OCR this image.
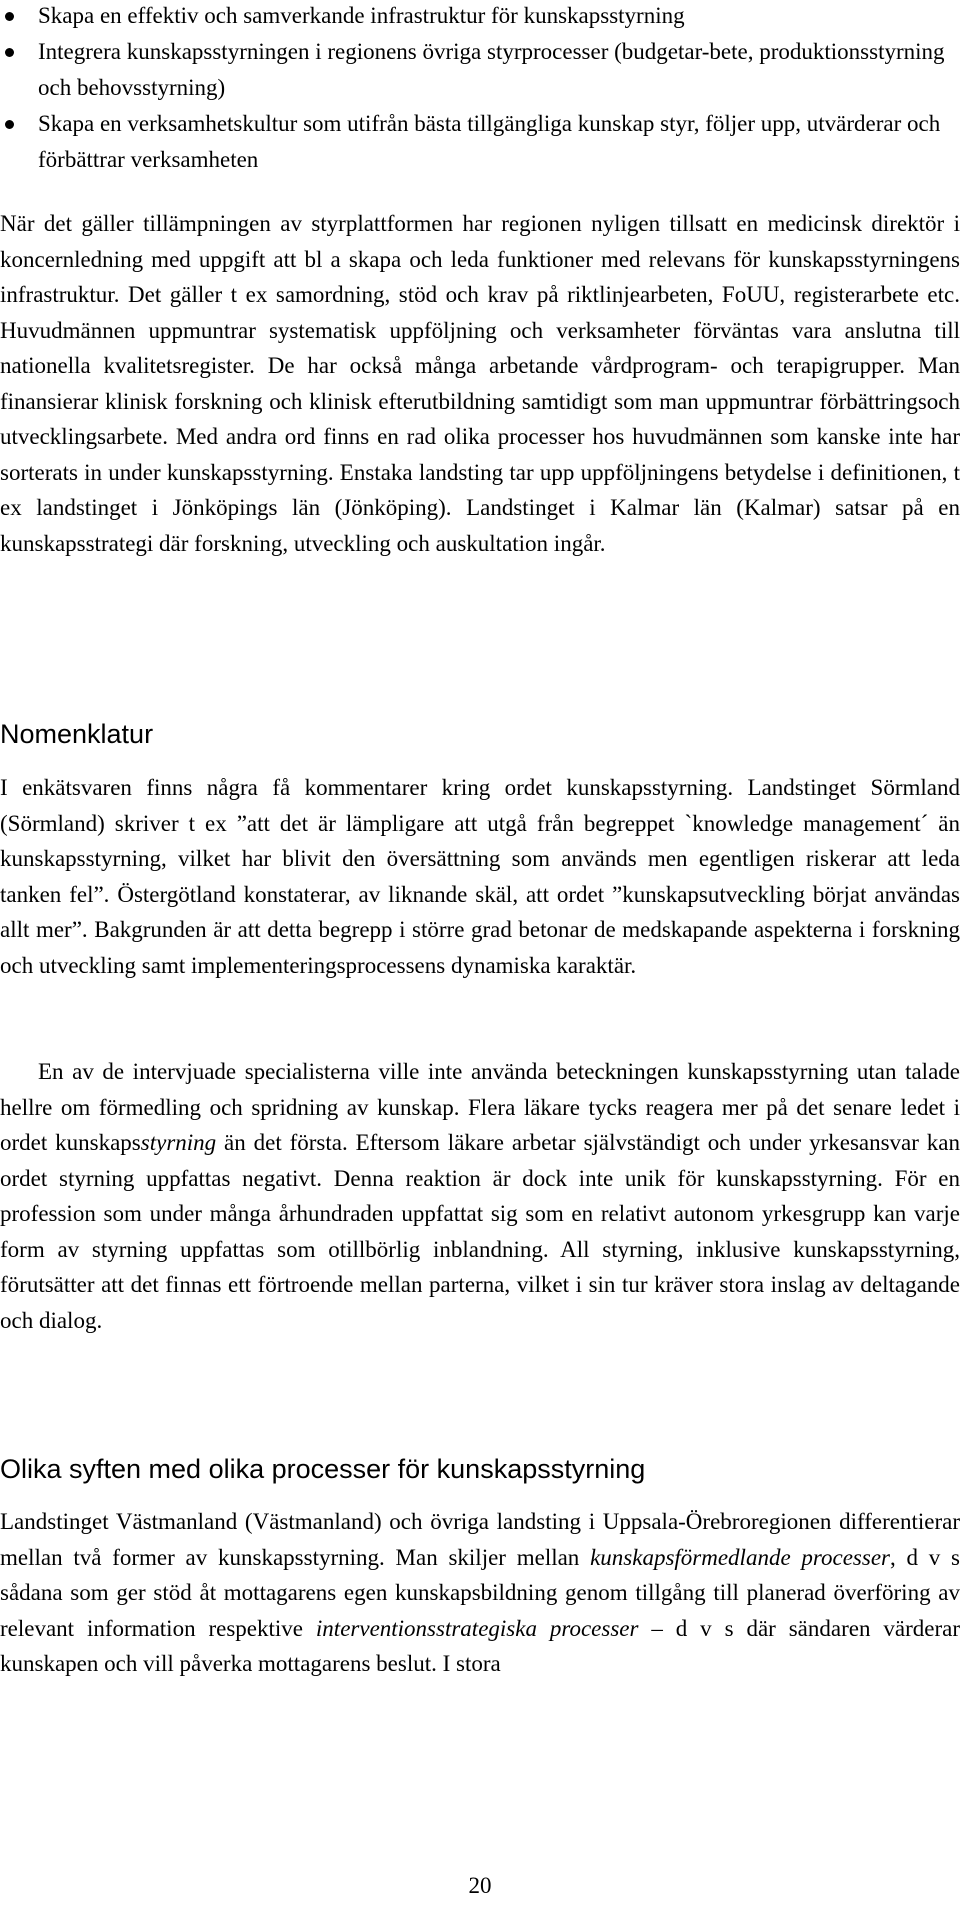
Skapa en effektiv och samverkande infrastruktur för kunskapsstyrning
Integrera kunskapsstyrningen i regionens övriga styrprocesser (budgetar-bete, produktionsstyrning och behovsstyrning)
Skapa en verksamhetskultur som utifrån bästa tillgängliga kunskap styr, följer upp, utvärderar och förbättrar verksamheten

När det gäller tillämpningen av styrplattformen har regionen nyligen tillsatt en medicinsk direktör i koncernledning med uppgift att bl a skapa och leda funktioner med relevans för kunskapsstyrningens infrastruktur. Det gäller t ex samordning, stöd och krav på riktlinjearbeten, FoUU, registerarbete etc. Huvudmännen uppmuntrar systematisk uppföljning och verksamheter förväntas vara anslutna till nationella kvalitetsregister. De har också många arbetande vårdprogram- och terapigrupper. Man finansierar klinisk forskning och klinisk efterutbildning samtidigt som man uppmuntrar förbättringsoch utvecklingsarbete. Med andra ord finns en rad olika processer hos huvudmännen som kanske inte har sorterats in under kunskapsstyrning. Enstaka landsting tar upp uppföljningens betydelse i definitionen, t ex landstinget i Jönköpings län (Jönköping). Landstinget i Kalmar län (Kalmar) satsar på en kunskapsstrategi där forskning, utveckling och auskultation ingår.

Nomenklatur

I enkätsvaren finns några få kommentarer kring ordet kunskapsstyrning. Landstinget Sörmland (Sörmland) skriver t ex ”att det är lämpligare att utgå från begreppet `knowledge management´ än kunskapsstyrning, vilket har blivit den översättning som används men egentligen riskerar att leda tanken fel”. Östergötland konstaterar, av liknande skäl, att ordet ”kunskapsutveckling börjat användas allt mer”. Bakgrunden är att detta begrepp i större grad betonar de medskapande aspekterna i forskning och utveckling samt implementeringsprocessens dynamiska karaktär.

En av de intervjuade specialisterna ville inte använda beteckningen kunskapsstyrning utan talade hellre om förmedling och spridning av kunskap. Flera läkare tycks reagera mer på det senare ledet i ordet kunskapsstyrning än det första. Eftersom läkare arbetar självständigt och under yrkesansvar kan ordet styrning uppfattas negativt. Denna reaktion är dock inte unik för kunskapsstyrning. För en profession som under många århundraden uppfattat sig som en relativt autonom yrkesgrupp kan varje form av styrning uppfattas som otillbörlig inblandning. All styrning, inklusive kunskapsstyrning, förutsätter att det finnas ett förtroende mellan parterna, vilket i sin tur kräver stora inslag av deltagande och dialog.

Olika syften med olika processer för kunskapsstyrning

Landstinget Västmanland (Västmanland) och övriga landsting i Uppsala-Örebroregionen differentierar mellan två former av kunskapsstyrning. Man skiljer mellan kunskapsförmedlande processer, d v s sådana som ger stöd åt mottagarens egen kunskapsbildning genom tillgång till planerad överföring av relevant information respektive interventionsstrategiska processer – d v s där sändaren värderar kunskapen och vill påverka mottagarens beslut. I stora

20
